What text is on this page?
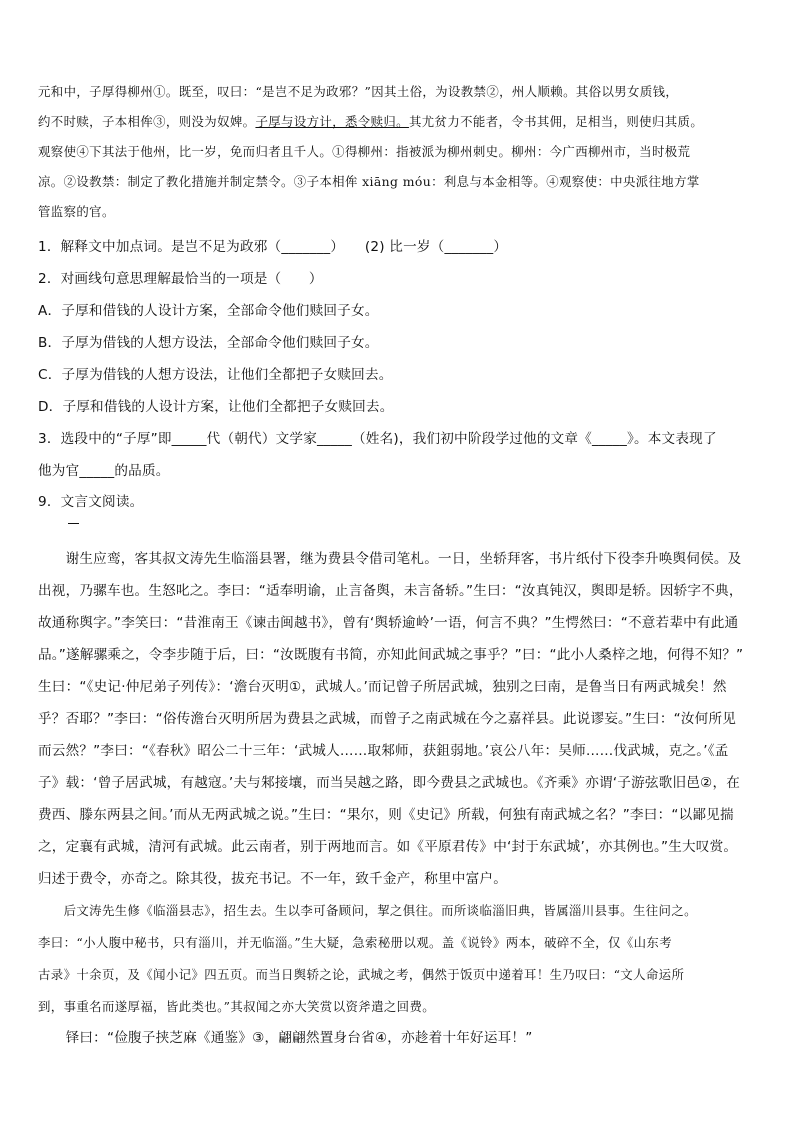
元和中，子厚得柳州①。既至，叹曰：“是岂不足为政邪？”因其土俗，为设教禁②，州人顺赖。其俗以男女质钱，
约不时赎，子本相侔③，则没为奴婢。子厚与设方计，悉令赎归。其尤贫力不能者，令书其佣，足相当，则使归其质。
观察使④下其法于他州，比一岁，免而归者且千人。①得柳州：指被派为柳州刺史。柳州：今广西柳州市，当时极荒
凉。②设教禁：制定了教化措施并制定禁令。③子本相侔 xiāng móu：利息与本金相等。④观察使：中央派往地方掌
管监察的官。
1．解释文中加点词。是岂不足为政邪（_______）　　(2) 比一岁（_______）
2．对画线句意思理解最恰当的一项是（　　）
A．子厚和借钱的人设计方案，全部命令他们赎回子女。
B．子厚为借钱的人想方设法，全部命令他们赎回子女。
C．子厚为借钱的人想方设法，让他们全都把子女赎回去。
D．子厚和借钱的人设计方案，让他们全都把子女赎回去。
3．选段中的“子厚”即_____代（朝代）文学家_____（姓名)，我们初中阶段学过他的文章《_____》。本文表现了
他为官_____的品质。
9．文言文阅读。
　　谢生应鸾，客其叔文涛先生临淄县署，继为费县令借司笔札。一日，坐轿拜客，书片纸付下役李升唤舆伺侯。及
出视，乃骡车也。生怒叱之。李曰：“适奉明谕，止言备舆，未言备轿。”生曰：“汝真钝汉，舆即是轿。因轿字不典，
故通称舆字。”李笑曰：“昔淮南王《谏击闽越书》，曾有‘舆轿逾岭’一语，何言不典？”生愕然曰：“不意若辈中有此通
品。”遂解骡乘之，令李步随于后，曰：“汝既腹有书简，亦知此间武城之事乎？”曰：“此小人桑梓之地，何得不知？”
生曰：“《史记·仲尼弟子列传》：‘澹台灭明①，武城人。’而记曾子所居武城，独别之曰南，是鲁当日有两武城矣！然
乎？否耶？”李曰：“俗传澹台灭明所居为费县之武城，而曾子之南武城在今之嘉祥县。此说谬妄。”生曰：“汝何所见
而云然？”李曰：“《春秋》昭公二十三年：‘武城人……取邾师，获鉏弱地。’哀公八年：吴师……伐武城，克之。’《孟
子》载：‘曾子居武城，有越寇。’夫与邾接壤，而当吴越之路，即今费县之武城也。《齐乘》亦谓‘子游弦歌旧邑②，在
费西、滕东两县之间。’而从无两武城之说。”生曰：“果尔，则《史记》所载，何独有南武城之名？”李曰：“以鄙见揣
之，定襄有武城，清河有武城。此云南者，别于两地而言。如《平原君传》中‘封于东武城’，亦其例也。”生大叹赏。
归述于费令，亦奇之。除其役，拔充书记。不一年，致千金产，称里中富户。
　　后文涛先生修《临淄县志》，招生去。生以李可备顾问，挈之俱往。而所谈临淄旧典，皆属淄川县事。生往问之。
李曰：“小人腹中秘书，只有淄川，并无临淄。”生大疑，急索秘册以观。盖《说铃》两本，破碎不全，仅《山东考
古录》十余页，及《闻小记》四五页。而当日舆轿之论，武城之考，偶然于饭页中递着耳！生乃叹曰：“文人命运所
到，事重名而遂厚福，皆此类也。”其叔闻之亦大笑赏以资斧遣之回费。
　　铎曰：“俭腹子挟芝麻《通鉴》③，翩翩然置身台省④，亦趁着十年好运耳！”
